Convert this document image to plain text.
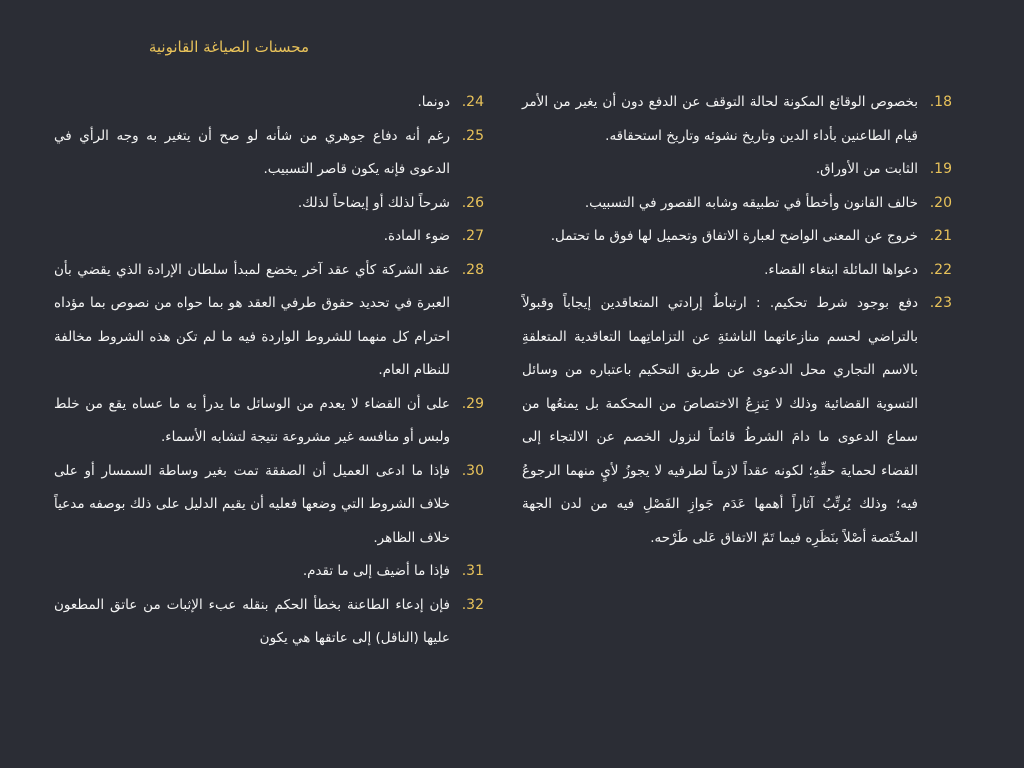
محسنات الصياغة القانونية
18.
بخصوص الوقائع المكونة لحالة التوقف عن الدفع دون أن يغير من الأمر قيام الطاعنين بأداء الدين وتاريخ نشوئه وتاريخ استحقاقه.
19.
الثابت من الأوراق.
20.
خالف القانون وأخطأ في تطبيقه وشابه القصور في التسبيب.
21.
خروج عن المعنى الواضح لعبارة الاتفاق وتحميل لها فوق ما تحتمل.
22.
دعواها المائلة ابتغاء القضاء.
23.
دفع بوجود شرط تحكيم. : ارتباطُ إرادتي المتعاقدين إيجاباً وقبولاً بالتراضي لحسم منازعاتهما الناشئةِ عن التزاماتِهما التعاقدية المتعلقةِ بالاسم التجاري محل الدعوى عن طريق التحكيم باعتباره من وسائل التسوية القضائية وذلك لا يَنزِعُ الاختصاصَ من المحكمة بل يمنعُها من سماع الدعوى ما دامَ الشرطُ قائماً لنزول الخصم عن الالتجاء إلى القضاء لحماية حقِّهِ؛ لكونه عقداً لازماً لطرفيه لا يجوزُ لأيٍ منهما الرجوعُ فيه؛ وذلك يُرتِّبُ آثاراً أهمها عَدَم جَوازِ الفَصْلِ فيه من لدن الجهة المخْتَصة أصْلاً بنَظَرِه فيما تَمّ الاتفاق عَلى طَرْحه.
24.
دونما.
25.
رغم أنه دفاع جوهري من شأنه لو صح أن يتغير به وجه الرأي في الدعوى فإنه يكون قاصر التسبيب.
26.
شرحاً لذلك أو إيضاحاً لذلك.
27.
ضوء المادة.
28.
عقد الشركة كأي عقد آخر يخضع لمبدأ سلطان الإرادة الذي يقضي بأن العبرة في تحديد حقوق طرفي العقد هو بما حواه من نصوص بما مؤداه احترام كل منهما للشروط الواردة فيه ما لم تكن هذه الشروط مخالفة للنظام العام.
29.
على أن القضاء لا يعدم من الوسائل ما يدرأ به ما عساه يقع من خلط ولبس أو منافسه غير مشروعة نتيجة لتشابه الأسماء.
30.
فإذا ما ادعى العميل أن الصفقة تمت بغير وساطة السمسار أو على خلاف الشروط التي وضعها فعليه أن يقيم الدليل على ذلك بوصفه مدعياً خلاف الظاهر.
31.
فإذا ما أضيف إلى ما تقدم.
32.
فإن إدعاء الطاعنة بخطأ الحكم بنقله عبء الإثبات من عاتق المطعون عليها (الناقل) إلى عاتقها هي يكون
